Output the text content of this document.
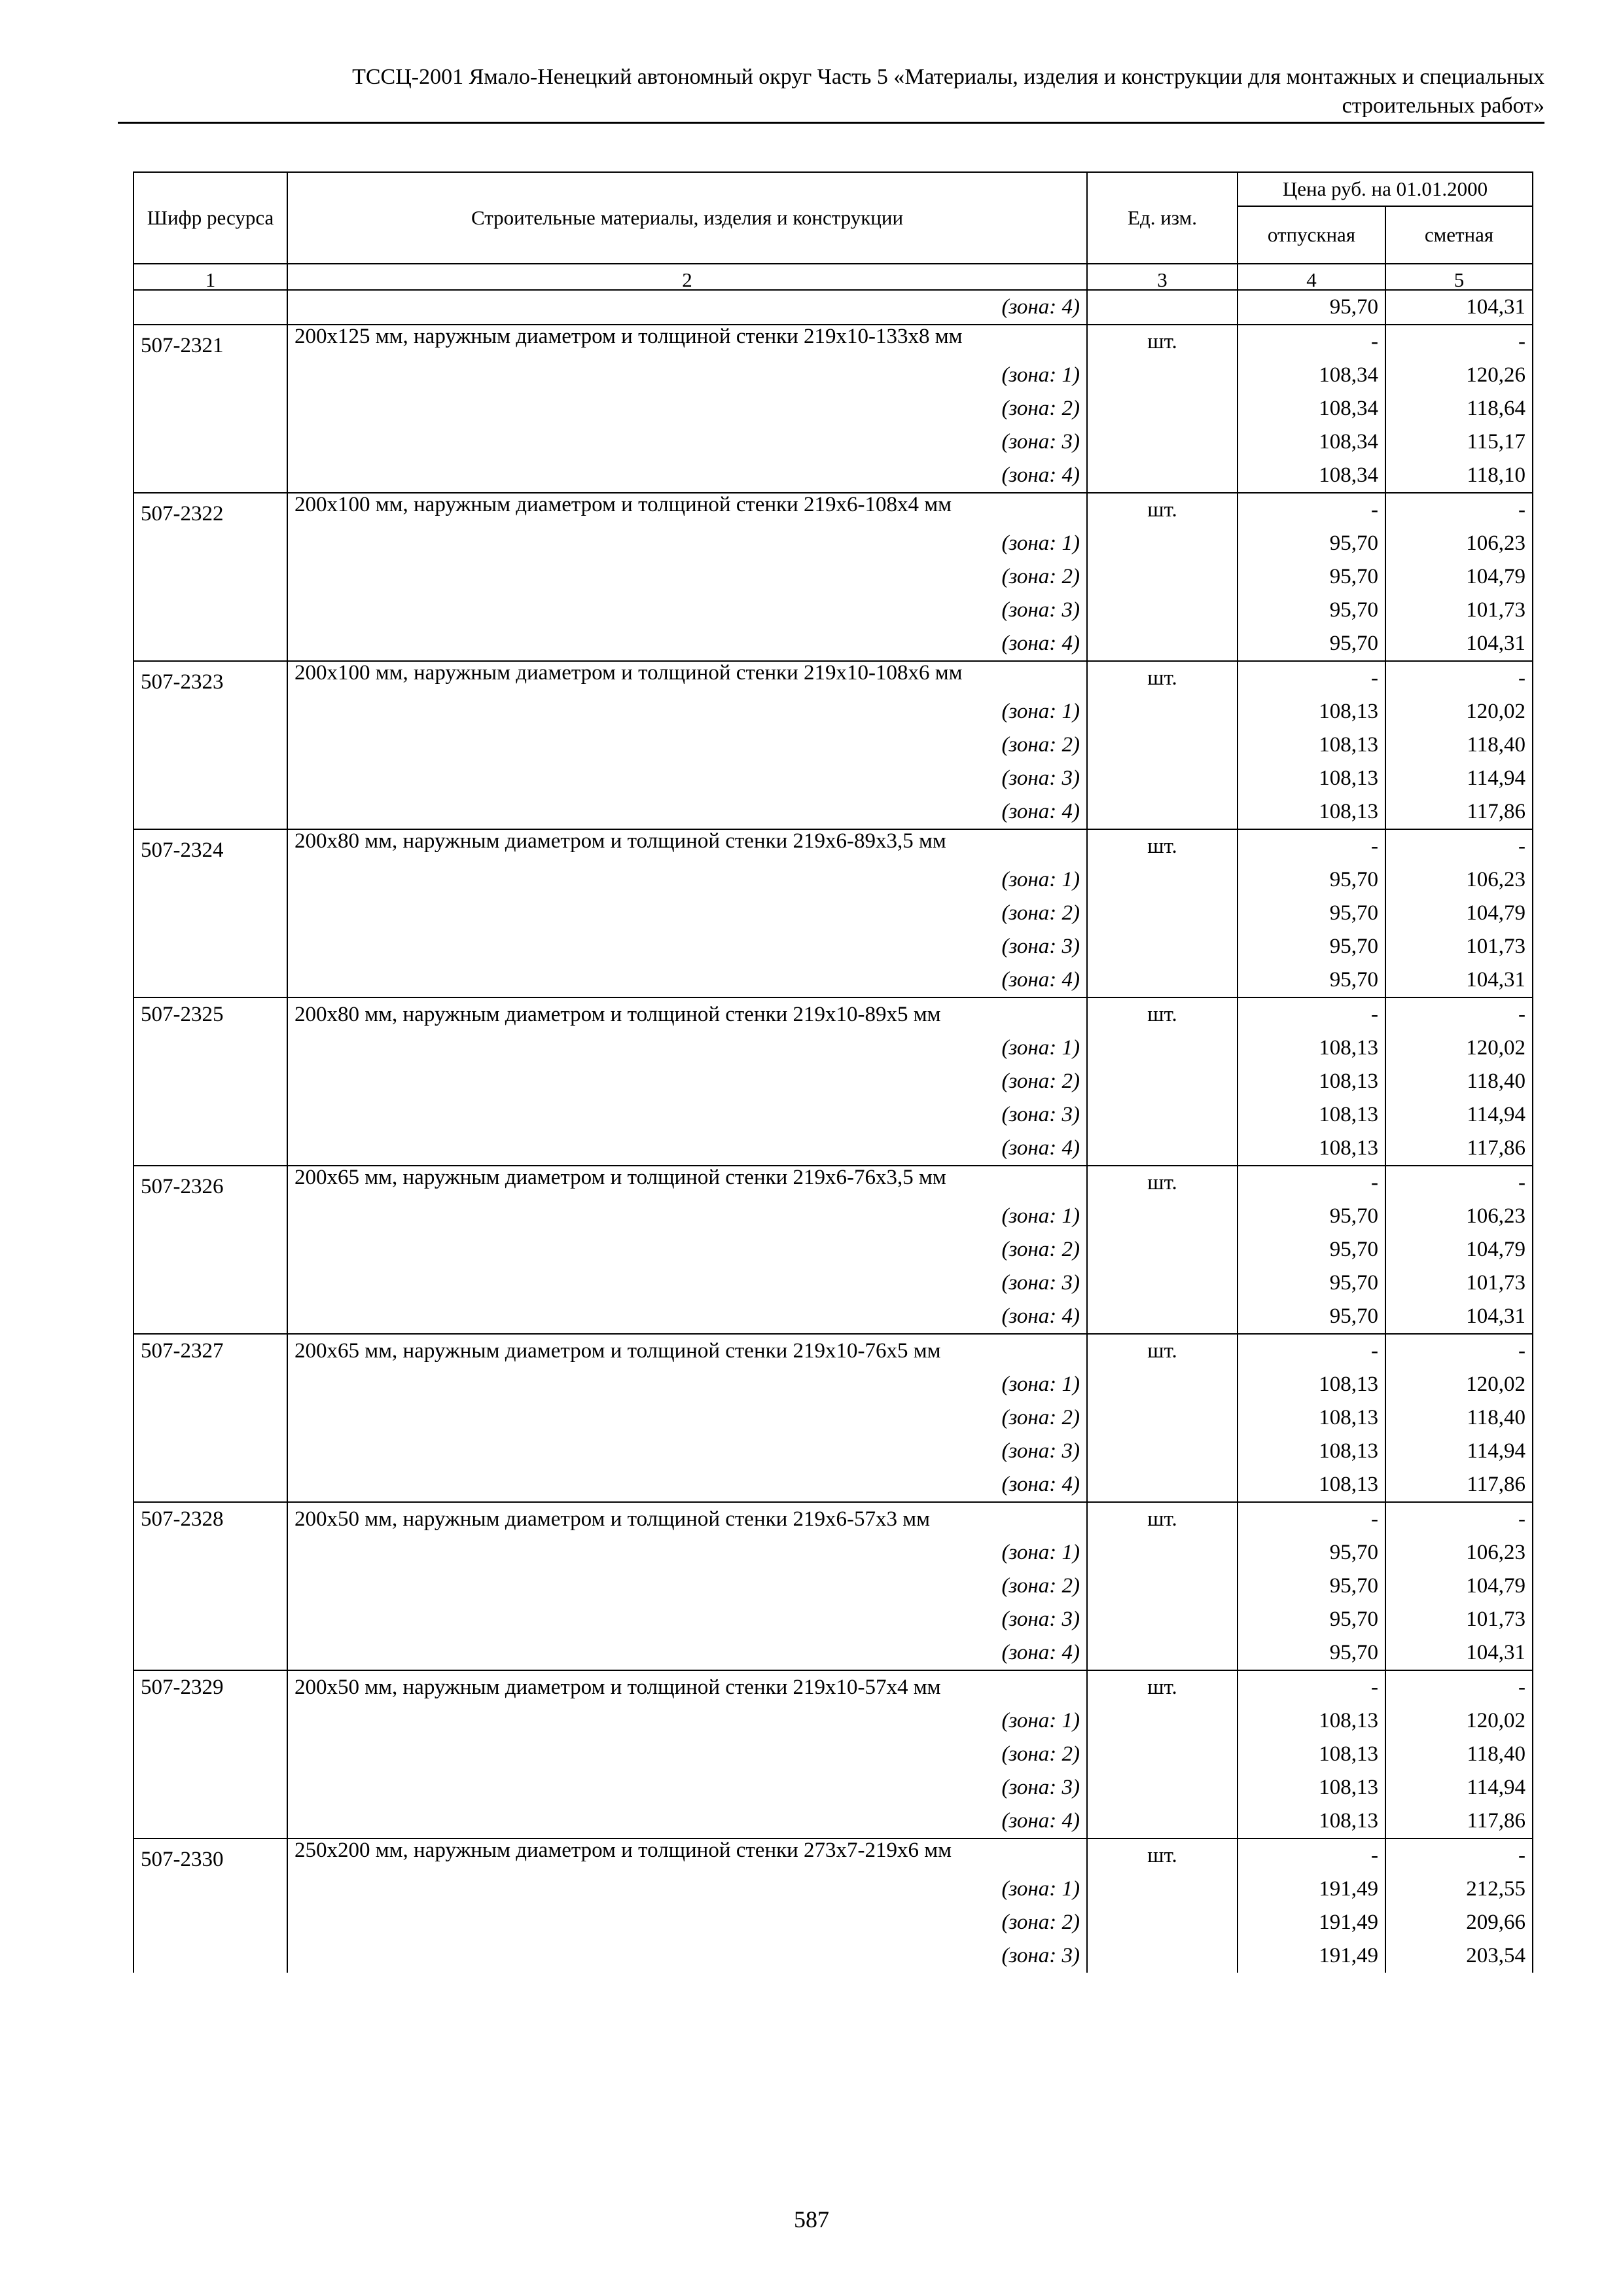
ТССЦ-2001 Ямало-Ненецкий автономный округ Часть 5 «Материалы, изделия и конструкции для монтажных и специальных
строительных работ»
Шифр ресурса	Строительные материалы, изделия и конструкции	Ед. изм.	Цена руб. на 01.01.2000	
			отпускная	сметная
1	2	3	4	5
	(зона: 4)		95,70	104,31
507-2321	200x125 мм, наружным диаметром и толщиной стенки 219x10-133x8 мм	шт.	-	-
	(зона: 1)		108,34	120,26
	(зона: 2)		108,34	118,64
	(зона: 3)		108,34	115,17
	(зона: 4)		108,34	118,10
507-2322	200x100 мм, наружным диаметром и толщиной стенки 219x6-108x4 мм	шт.	-	-
	(зона: 1)		95,70	106,23
	(зона: 2)		95,70	104,79
	(зона: 3)		95,70	101,73
	(зона: 4)		95,70	104,31
507-2323	200x100 мм, наружным диаметром и толщиной стенки 219x10-108x6 мм	шт.	-	-
	(зона: 1)		108,13	120,02
	(зона: 2)		108,13	118,40
	(зона: 3)		108,13	114,94
	(зона: 4)		108,13	117,86
507-2324	200x80 мм, наружным диаметром и толщиной стенки 219x6-89x3,5 мм	шт.	-	-
	(зона: 1)		95,70	106,23
	(зона: 2)		95,70	104,79
	(зона: 3)		95,70	101,73
	(зона: 4)		95,70	104,31
507-2325	200x80 мм, наружным диаметром и толщиной стенки 219x10-89x5 мм	шт.	-	-
	(зона: 1)		108,13	120,02
	(зона: 2)		108,13	118,40
	(зона: 3)		108,13	114,94
	(зона: 4)		108,13	117,86
507-2326	200x65 мм, наружным диаметром и толщиной стенки 219x6-76x3,5 мм	шт.	-	-
	(зона: 1)		95,70	106,23
	(зона: 2)		95,70	104,79
	(зона: 3)		95,70	101,73
	(зона: 4)		95,70	104,31
507-2327	200x65 мм, наружным диаметром и толщиной стенки 219x10-76x5 мм	шт.	-	-
	(зона: 1)		108,13	120,02
	(зона: 2)		108,13	118,40
	(зона: 3)		108,13	114,94
	(зона: 4)		108,13	117,86
507-2328	200x50 мм, наружным диаметром и толщиной стенки 219x6-57x3 мм	шт.	-	-
	(зона: 1)		95,70	106,23
	(зона: 2)		95,70	104,79
	(зона: 3)		95,70	101,73
	(зона: 4)		95,70	104,31
507-2329	200x50 мм, наружным диаметром и толщиной стенки 219x10-57x4 мм	шт.	-	-
	(зона: 1)		108,13	120,02
	(зона: 2)		108,13	118,40
	(зона: 3)		108,13	114,94
	(зона: 4)		108,13	117,86
507-2330	250x200 мм, наружным диаметром и толщиной стенки 273x7-219x6 мм	шт.	-	-
	(зона: 1)		191,49	212,55
	(зона: 2)		191,49	209,66
	(зона: 3)		191,49	203,54
587
